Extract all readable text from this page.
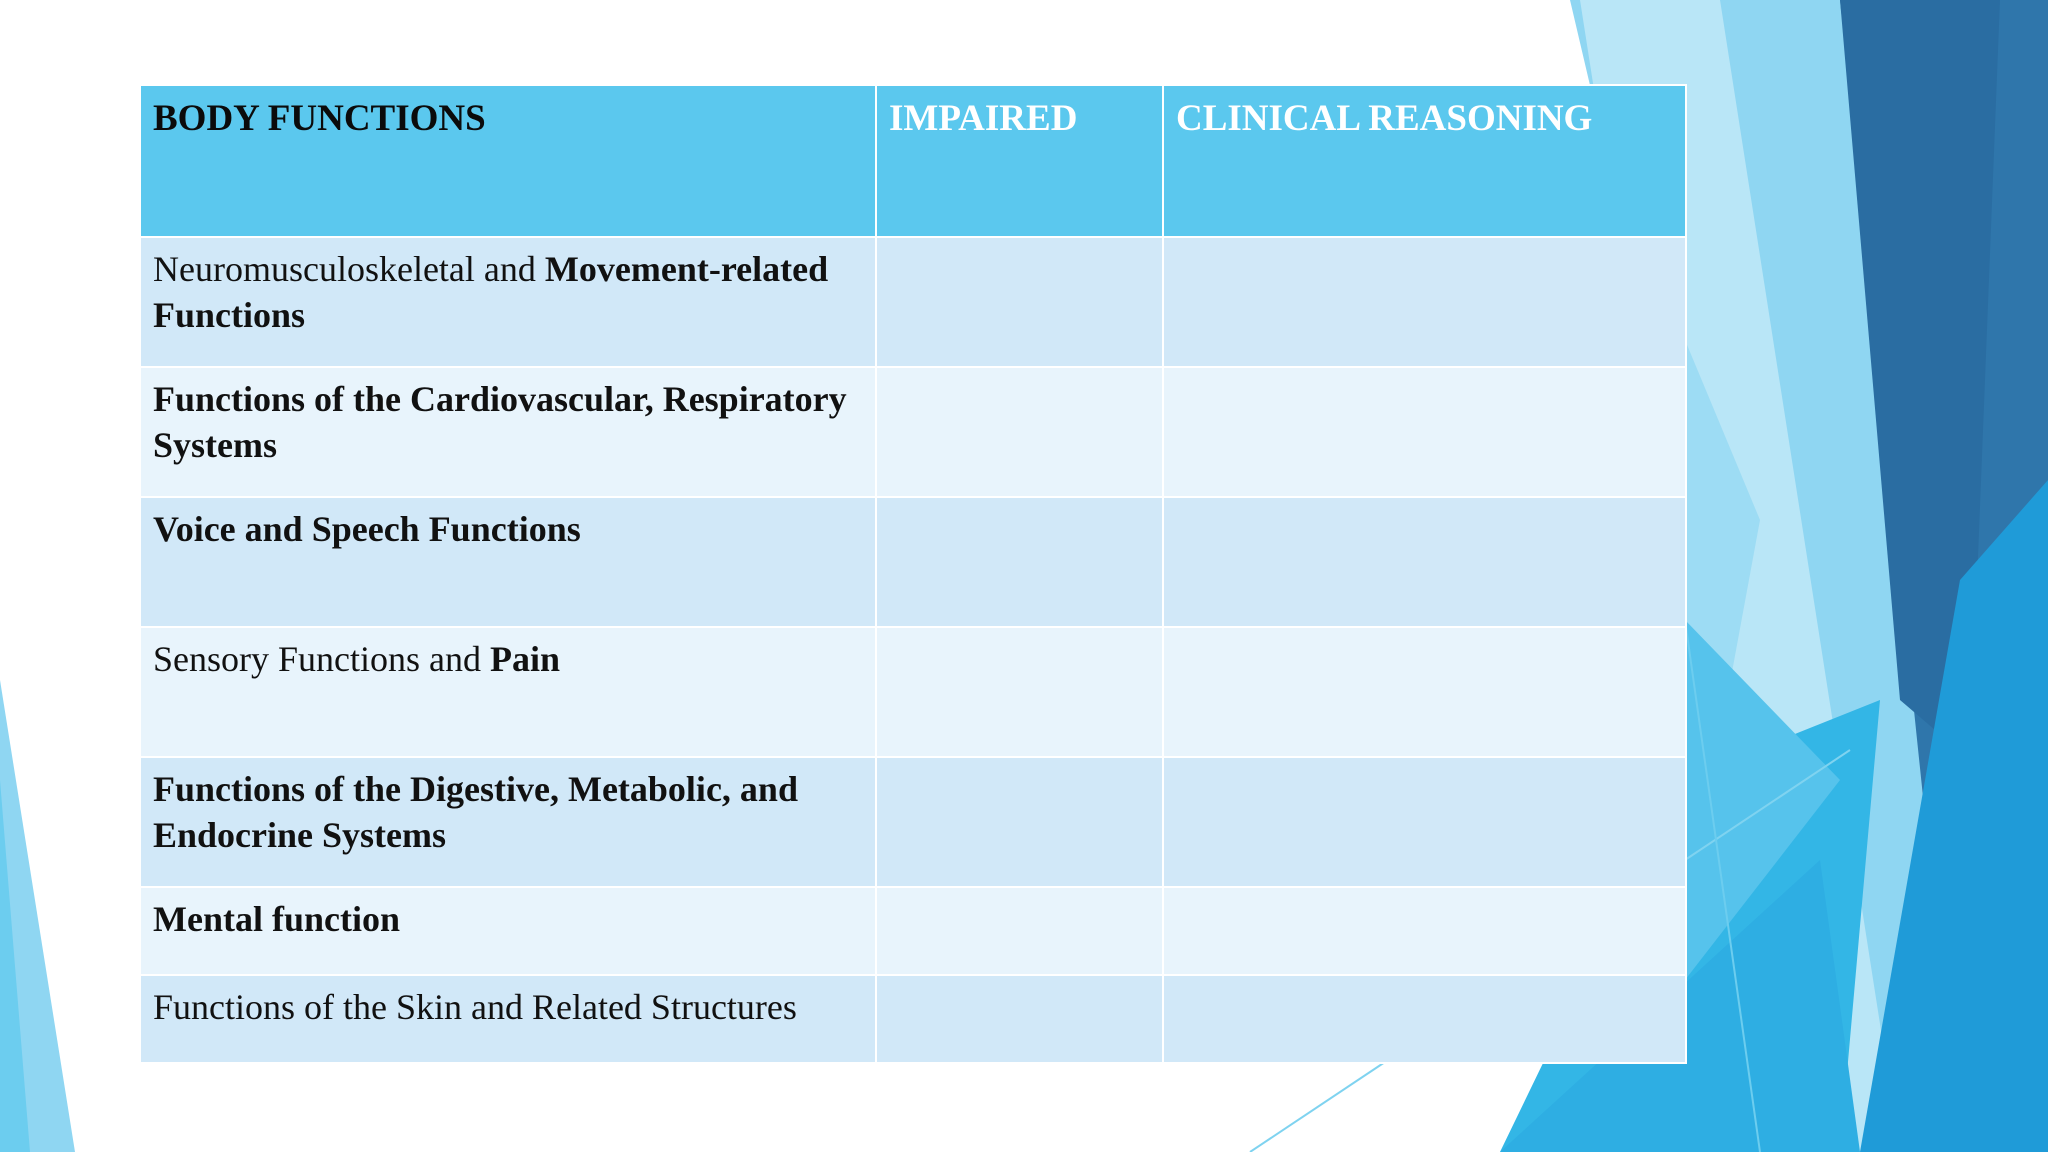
BODY FUNCTIONS	IMPAIRED	CLINICAL REASONING
Neuromusculoskeletal and Movement-related Functions		
Functions of the Cardiovascular, Respiratory Systems		
Voice and Speech Functions		
Sensory Functions and Pain		
Functions of the Digestive, Metabolic, and Endocrine Systems		
Mental function		
Functions of the Skin and Related Structures		
